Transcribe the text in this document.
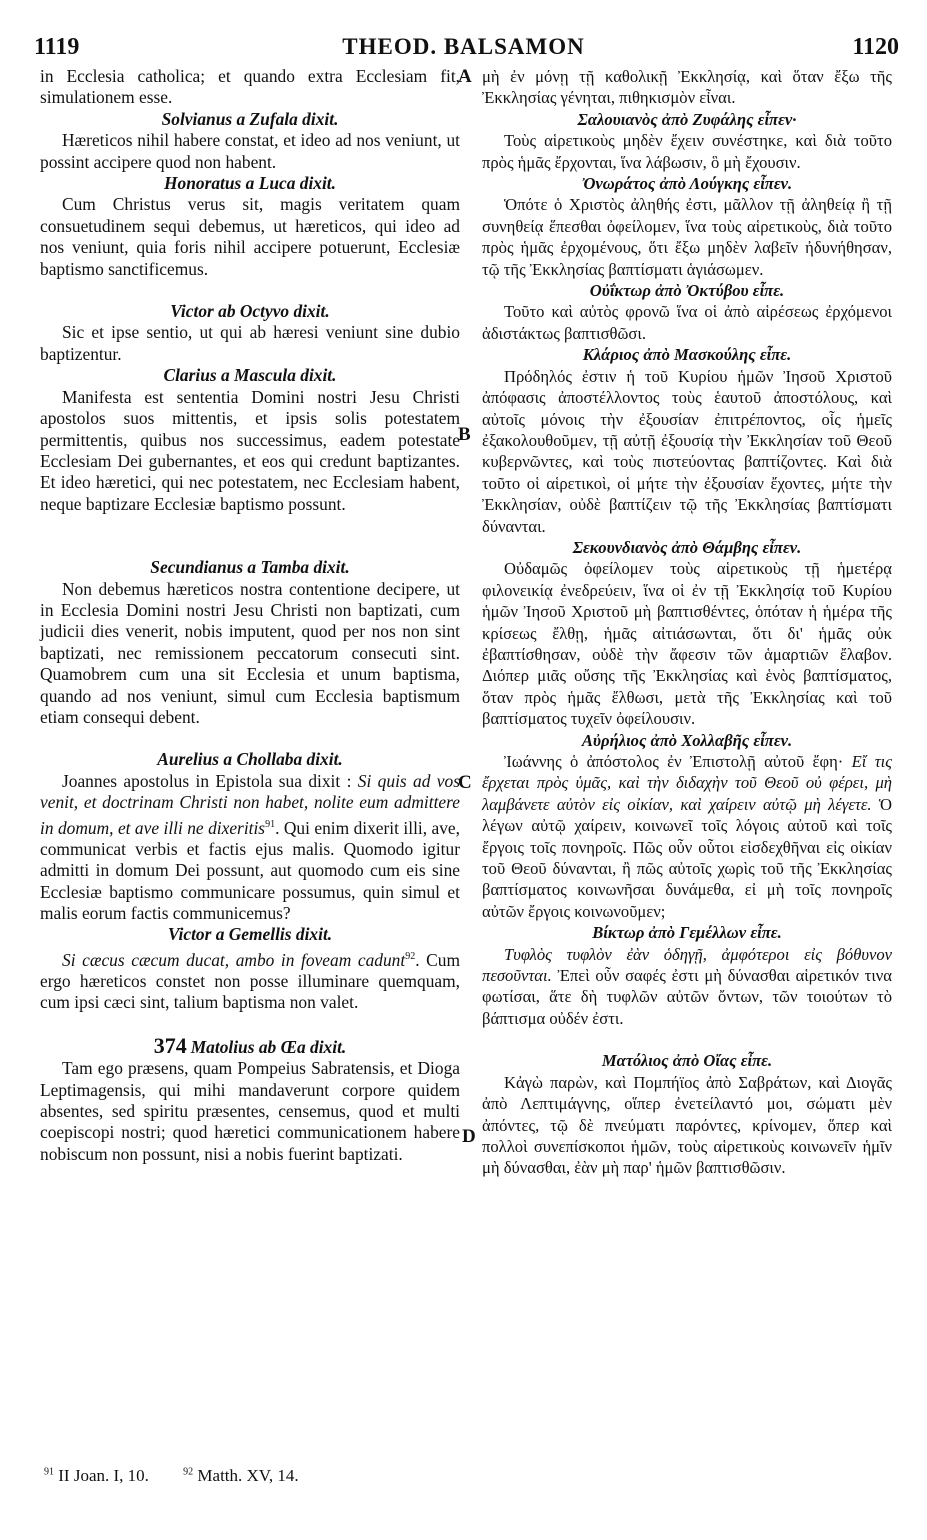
1119	THEOD. BALSAMON	1120
A
B
C
D

in Ecclesia catholica; et quando extra Ecclesiam fit, simulationem esse.

Solvianus a Zufala dixit.

Hæreticos nihil habere constat, et ideo ad nos veniunt, ut possint accipere quod non habent.

Honoratus a Luca dixit.

Cum Christus verus sit, magis veritatem quam consuetudinem sequi debemus, ut hæreticos, qui ideo ad nos veniunt, quia foris nihil accipere potuerunt, Ecclesiæ baptismo sanctificemus.

Victor ab Octyvo dixit.

Sic et ipse sentio, ut qui ab hæresi veniunt sine dubio baptizentur.

Clarius a Mascula dixit.

Manifesta est sententia Domini nostri Jesu Christi apostolos suos mittentis, et ipsis solis potestatem permittentis, quibus nos successimus, eadem potestate Ecclesiam Dei gubernantes, et eos qui credunt baptizantes. Et ideo hæretici, qui nec potestatem, nec Ecclesiam habent, neque baptizare Ecclesiæ baptismo possunt.

Secundianus a Tamba dixit.

Non debemus hæreticos nostra contentione decipere, ut in Ecclesia Domini nostri Jesu Christi non baptizati, cum judicii dies venerit, nobis imputent, quod per nos non sint baptizati, nec remissionem peccatorum consecuti sint. Quamobrem cum una sit Ecclesia et unum baptisma, quando ad nos veniunt, simul cum Ecclesia baptismum etiam consequi debent.

Aurelius a Chollaba dixit.

Joannes apostolus in Epistola sua dixit : Si quis ad vos venit, et doctrinam Christi non habet, nolite eum admittere in domum, et ave illi ne dixeritis$^{91}$. Qui enim dixerit illi, ave, communicat verbis et factis ejus malis. Quomodo igitur admitti in domum Dei possunt, aut quomodo cum eis sine Ecclesiæ baptismo communicare possumus, quin simul et malis eorum factis communicemus?

Victor a Gemellis dixit.

Si cæcus cæcum ducat, ambo in foveam cadunt$^{92}$. Cum ergo hæreticos constet non posse illuminare quemquam, cum ipsi cæci sint, talium baptisma non valet.

374 Matolius ab Œa dixit.

Tam ego præsens, quam Pompeius Sabratensis, et Dioga Leptimagensis, qui mihi mandaverunt corpore quidem absentes, sed spiritu præsentes, censemus, quod et multi coepiscopi nostri; quod hæretici communicationem habere nobiscum non possunt, nisi a nobis fuerint baptizati.

μὴ ἐν μόνῃ τῇ καθολικῇ Ἐκκλησίᾳ, καὶ ὅταν ἔξω τῆς Ἐκκλησίας γένηται, πιθηκισμὸν εἶναι.

Σαλουιανὸς ἀπὸ Ζυφάλης εἶπεν·

Τοὺς αἱρετικοὺς μηδὲν ἔχειν συνέστηκε, καὶ διὰ τοῦτο πρὸς ἡμᾶς ἔρχονται, ἵνα λάβωσιν, ὃ μὴ ἔχουσιν.

Ὀνωράτος ἀπὸ Λούγκης εἶπεν.

Ὁπότε ὁ Χριστὸς ἀληθής ἐστι, μᾶλλον τῇ ἀληθείᾳ ἢ τῇ συνηθείᾳ ἕπεσθαι ὀφείλομεν, ἵνα τοὺς αἱρετικοὺς, διὰ τοῦτο πρὸς ἡμᾶς ἐρχομένους, ὅτι ἔξω μηδὲν λαβεῖν ἠδυνήθησαν, τῷ τῆς Ἐκκλησίας βαπτίσματι ἁγιάσωμεν.

Οὐΐκτωρ ἀπὸ Ὀκτύβου εἶπε.

Τοῦτο καὶ αὐτὸς φρονῶ ἵνα οἱ ἀπὸ αἱρέσεως ἐρχόμενοι ἀδιστάκτως βαπτισθῶσι.

Κλάριος ἀπὸ Μασκούλης εἶπε.

Πρόδηλός ἐστιν ἡ τοῦ Κυρίου ἡμῶν Ἰησοῦ Χριστοῦ ἀπόφασις ἀποστέλλοντος τοὺς ἑαυτοῦ ἀποστόλους, καὶ αὐτοῖς μόνοις τὴν ἐξουσίαν ἐπιτρέποντος, οἷς ἡμεῖς ἐξακολουθοῦμεν, τῇ αὐτῇ ἐξουσίᾳ τὴν Ἐκκλησίαν τοῦ Θεοῦ κυβερνῶντες, καὶ τοὺς πιστεύοντας βαπτίζοντες. Καὶ διὰ τοῦτο οἱ αἱρετικοὶ, οἱ μήτε τὴν ἐξουσίαν ἔχοντες, μήτε τὴν Ἐκκλησίαν, οὐδὲ βαπτίζειν τῷ τῆς Ἐκκλησίας βαπτίσματι δύνανται.

Σεκουνδιανὸς ἀπὸ Θάμβης εἶπεν.

Οὐδαμῶς ὀφείλομεν τοὺς αἱρετικοὺς τῇ ἡμετέρᾳ φιλονεικίᾳ ἐνεδρεύειν, ἵνα οἱ ἐν τῇ Ἐκκλησίᾳ τοῦ Κυρίου ἡμῶν Ἰησοῦ Χριστοῦ μὴ βαπτισθέντες, ὁπόταν ἡ ἡμέρα τῆς κρίσεως ἔλθῃ, ἡμᾶς αἰτιάσωνται, ὅτι δι' ἡμᾶς οὐκ ἐβαπτίσθησαν, οὐδὲ τὴν ἄφεσιν τῶν ἁμαρτιῶν ἔλαβον. Διόπερ μιᾶς οὔσης τῆς Ἐκκλησίας καὶ ἑνὸς βαπτίσματος, ὅταν πρὸς ἡμᾶς ἔλθωσι, μετὰ τῆς Ἐκκλησίας καὶ τοῦ βαπτίσματος τυχεῖν ὀφείλουσιν.

Αὐρήλιος ἀπὸ Χολλαβῆς εἶπεν.

Ἰωάννης ὁ ἀπόστολος ἐν Ἐπιστολῇ αὐτοῦ ἔφη· Εἴ τις ἔρχεται πρὸς ὑμᾶς, καὶ τὴν διδαχὴν τοῦ Θεοῦ οὐ φέρει, μὴ λαμβάνετε αὐτὸν εἰς οἰκίαν, καὶ χαίρειν αὐτῷ μὴ λέγετε. Ὁ λέγων αὐτῷ χαίρειν, κοινωνεῖ τοῖς λόγοις αὐτοῦ καὶ τοῖς ἔργοις τοῖς πονηροῖς. Πῶς οὖν οὗτοι εἰσδεχθῆναι εἰς οἰκίαν τοῦ Θεοῦ δύνανται, ἢ πῶς αὐτοῖς χωρὶς τοῦ τῆς Ἐκκλησίας βαπτίσματος κοινωνῆσαι δυνάμεθα, εἰ μὴ τοῖς πονηροῖς αὐτῶν ἔργοις κοινωνοῦμεν;

Βίκτωρ ἀπὸ Γεμέλλων εἶπε.

Τυφλὸς τυφλὸν ἐὰν ὁδηγῇ, ἀμφότεροι εἰς βόθυνον πεσοῦνται. Ἐπεὶ οὖν σαφές ἐστι μὴ δύνασθαι αἱρετικόν τινα φωτίσαι, ἅτε δὴ τυφλῶν αὐτῶν ὄντων, τῶν τοιούτων τὸ βάπτισμα οὐδέν ἐστι.

Ματόλιος ἀπὸ Οἴας εἶπε.

Κἀγὼ παρὼν, καὶ Πομπήϊος ἀπὸ Σαβράτων, καὶ Διογᾶς ἀπὸ Λεπτιμάγνης, οἵπερ ἐνετείλαντό μοι, σώματι μὲν ἀπόντες, τῷ δὲ πνεύματι παρόντες, κρίνομεν, ὅπερ καὶ πολλοὶ συνεπίσκοποι ἡμῶν, τοὺς αἱρετικοὺς κοινωνεῖν ἡμῖν μὴ δύνασθαι, ἐὰν μὴ παρ' ἡμῶν βαπτισθῶσιν.

$^{91}$ II Joan. I, 10.	$^{92}$ Matth. XV, 14.
